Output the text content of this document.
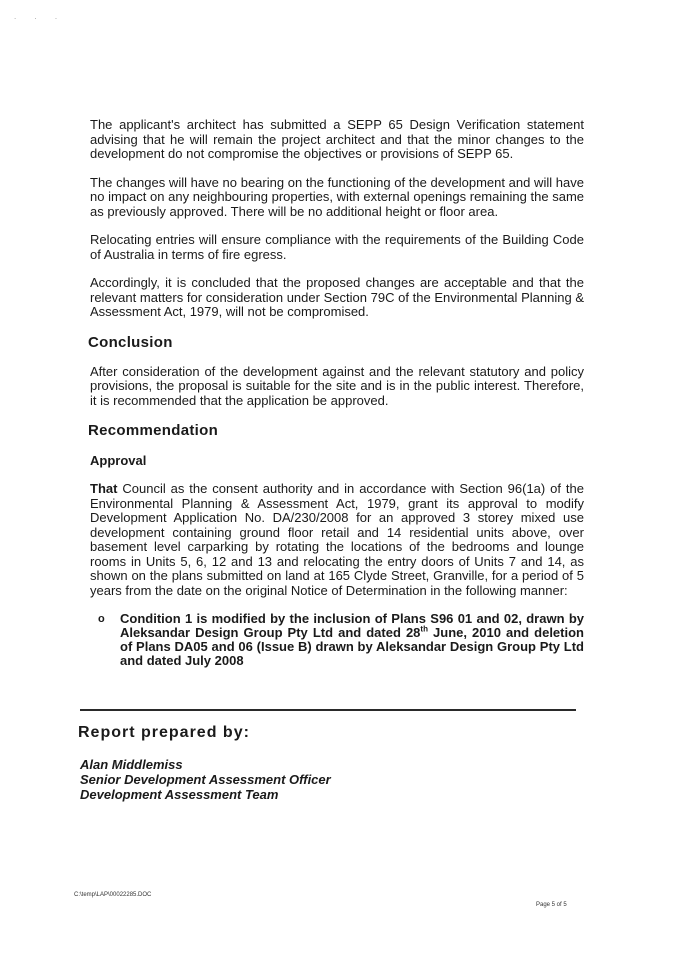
. . .

The applicant's architect has submitted a SEPP 65 Design Verification statement advising that he will remain the project architect and that the minor changes to the development do not compromise the objectives or provisions of SEPP 65.

The changes will have no bearing on the functioning of the development and will have no impact on any neighbouring properties, with external openings remaining the same as previously approved. There will be no additional height or floor area.

Relocating entries will ensure compliance with the requirements of the Building Code of Australia in terms of fire egress.

Accordingly, it is concluded that the proposed changes are acceptable and that the relevant matters for consideration under Section 79C of the Environmental Planning & Assessment Act, 1979, will not be compromised.

Conclusion

After consideration of the development against and the relevant statutory and policy provisions, the proposal is suitable for the site and is in the public interest. Therefore, it is recommended that the application be approved.

Recommendation
Approval

That Council as the consent authority and in accordance with Section 96(1a) of the Environmental Planning & Assessment Act, 1979, grant its approval to modify Development Application No. DA/230/2008 for an approved 3 storey mixed use development containing ground floor retail and 14 residential units above, over basement level carparking by rotating the locations of the bedrooms and lounge rooms in Units 5, 6, 12 and 13 and relocating the entry doors of Units 7 and 14, as shown on the plans submitted on land at 165 Clyde Street, Granville, for a period of 5 years from the date on the original Notice of Determination in the following manner:

o Condition 1 is modified by the inclusion of Plans S96 01 and 02, drawn by Aleksandar Design Group Pty Ltd and dated 28th June, 2010 and deletion of Plans DA05 and 06 (Issue B) drawn by Aleksandar Design Group Pty Ltd and dated July 2008
Report prepared by:
Alan Middlemiss
Senior Development Assessment Officer
Development Assessment Team
C:\temp\LAP\00022285.DOC
Page 5 of 5
